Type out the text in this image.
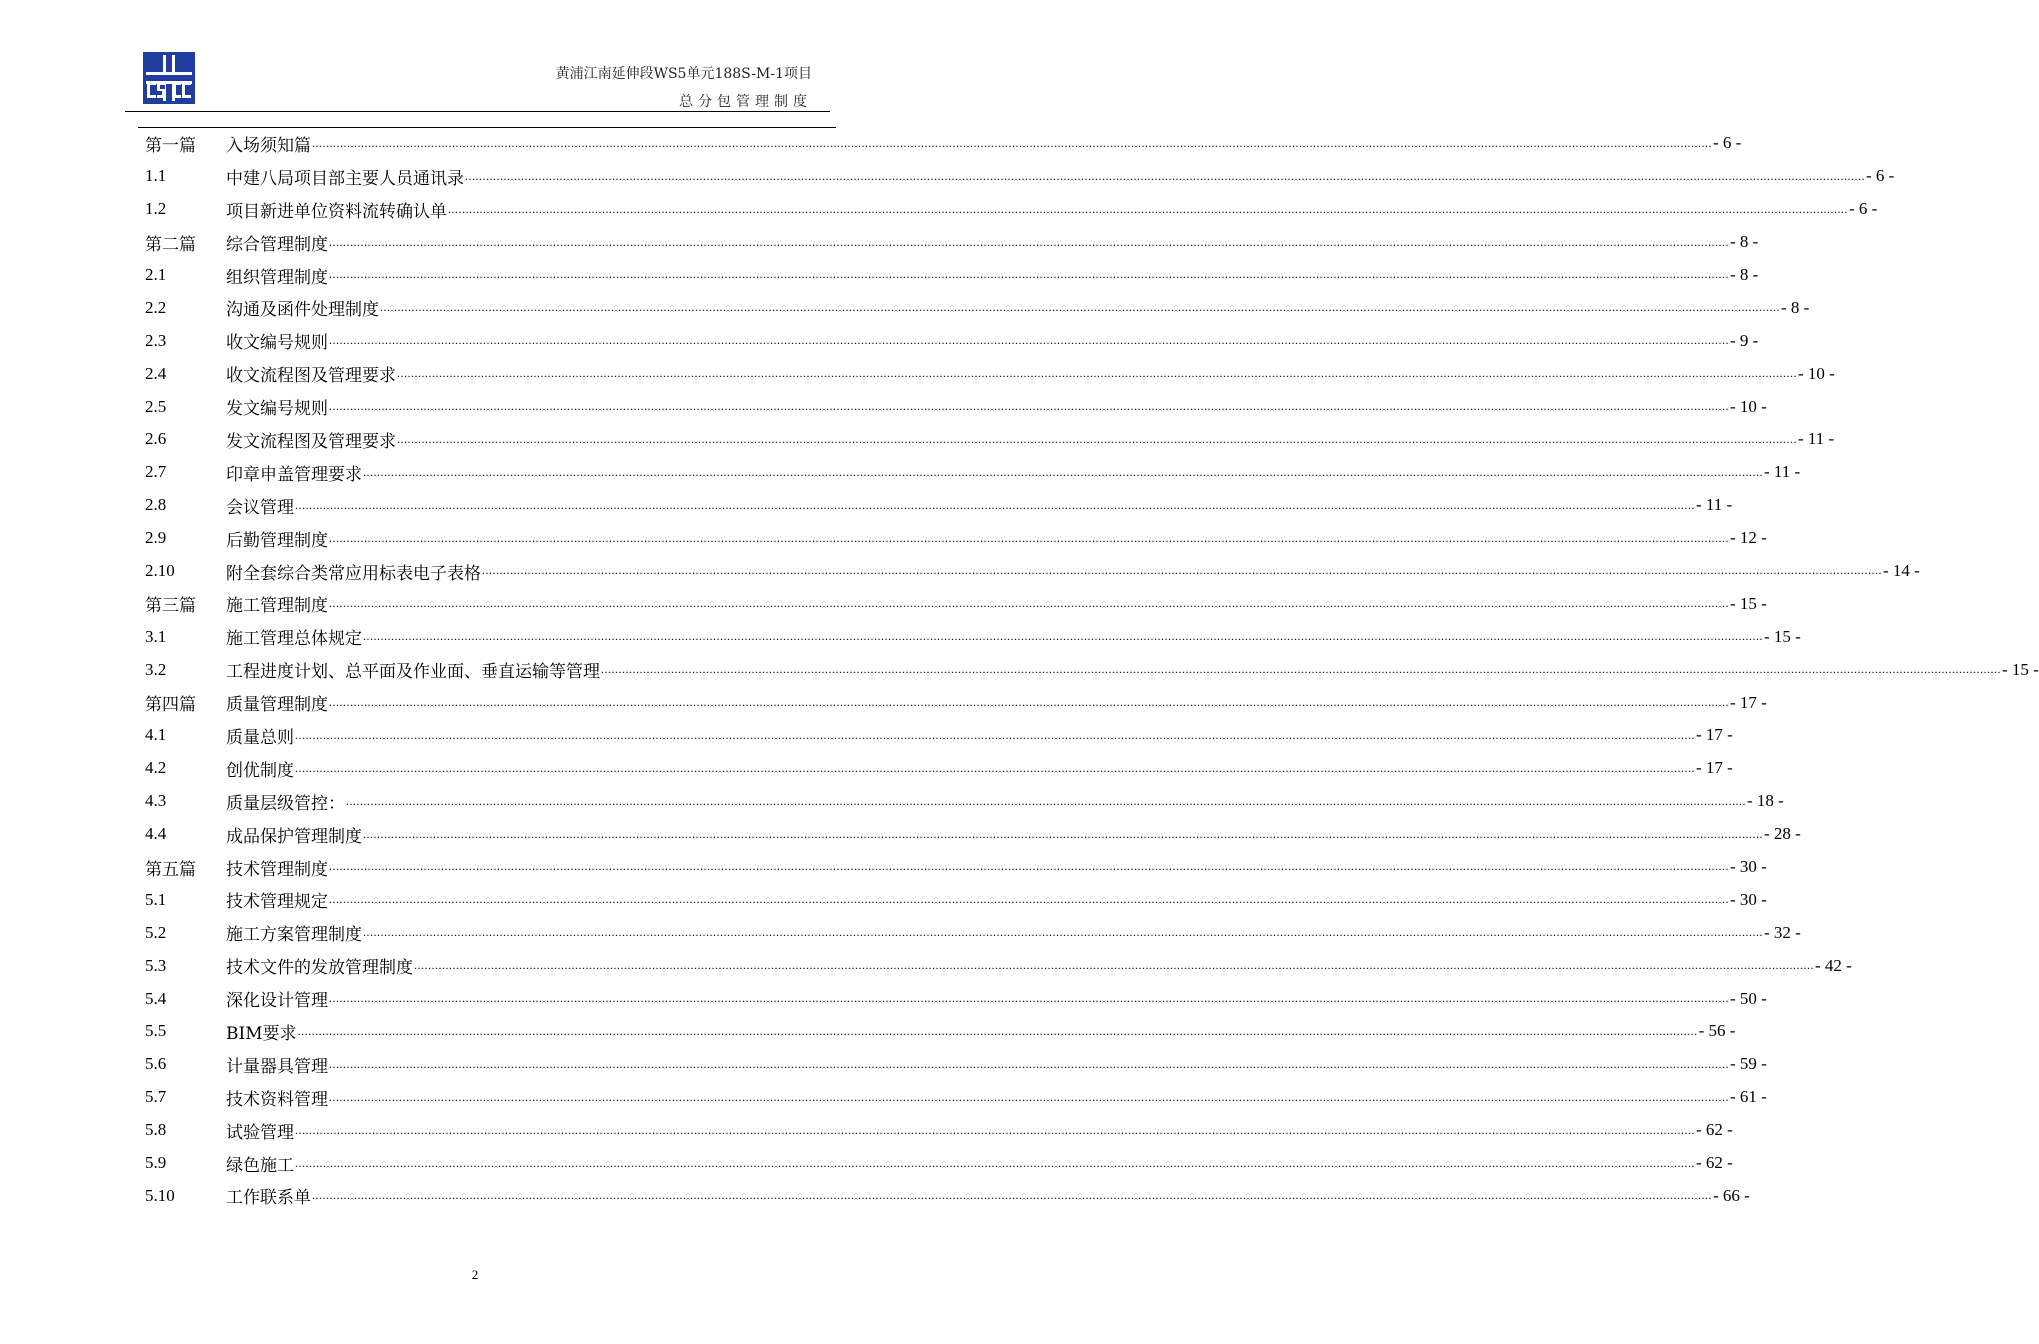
黄浦江南延伸段WS5单元188S-M-1项目
总分包管理制度
第一篇	入场须知篇 ................................................................................................................................................................................................................................................................................................................................................................................................................ - 6 -
1.1	中建八局项目部主要人员通讯录 ................................................................................................................................................................................................................................................................................................................................................................................................................ - 6 -
1.2	项目新进单位资料流转确认单 ................................................................................................................................................................................................................................................................................................................................................................................................................ - 6 -
第二篇	综合管理制度 ................................................................................................................................................................................................................................................................................................................................................................................................................ - 8 -
2.1	组织管理制度 ................................................................................................................................................................................................................................................................................................................................................................................................................ - 8 -
2.2	沟通及函件处理制度 ................................................................................................................................................................................................................................................................................................................................................................................................................ - 8 -
2.3	收文编号规则 ................................................................................................................................................................................................................................................................................................................................................................................................................ - 9 -
2.4	收文流程图及管理要求 ................................................................................................................................................................................................................................................................................................................................................................................................................ - 10 -
2.5	发文编号规则 ................................................................................................................................................................................................................................................................................................................................................................................................................ - 10 -
2.6	发文流程图及管理要求 ................................................................................................................................................................................................................................................................................................................................................................................................................ - 11 -
2.7	印章申盖管理要求 ................................................................................................................................................................................................................................................................................................................................................................................................................ - 11 -
2.8	会议管理 ................................................................................................................................................................................................................................................................................................................................................................................................................ - 11 -
2.9	后勤管理制度 ................................................................................................................................................................................................................................................................................................................................................................................................................ - 12 -
2.10	附全套综合类常应用标表电子表格 ................................................................................................................................................................................................................................................................................................................................................................................................................ - 14 -
第三篇	施工管理制度 ................................................................................................................................................................................................................................................................................................................................................................................................................ - 15 -
3.1	施工管理总体规定 ................................................................................................................................................................................................................................................................................................................................................................................................................ - 15 -
3.2	工程进度计划、总平面及作业面、垂直运输等管理 ................................................................................................................................................................................................................................................................................................................................................................................................................ - 15 -
第四篇	质量管理制度 ................................................................................................................................................................................................................................................................................................................................................................................................................ - 17 -
4.1	质量总则 ................................................................................................................................................................................................................................................................................................................................................................................................................ - 17 -
4.2	创优制度 ................................................................................................................................................................................................................................................................................................................................................................................................................ - 17 -
4.3	质量层级管控： ................................................................................................................................................................................................................................................................................................................................................................................................................ - 18 -
4.4	成品保护管理制度 ................................................................................................................................................................................................................................................................................................................................................................................................................ - 28 -
第五篇	技术管理制度 ................................................................................................................................................................................................................................................................................................................................................................................................................ - 30 -
5.1	技术管理规定 ................................................................................................................................................................................................................................................................................................................................................................................................................ - 30 -
5.2	施工方案管理制度 ................................................................................................................................................................................................................................................................................................................................................................................................................ - 32 -
5.3	技术文件的发放管理制度 ................................................................................................................................................................................................................................................................................................................................................................................................................ - 42 -
5.4	深化设计管理 ................................................................................................................................................................................................................................................................................................................................................................................................................ - 50 -
5.5	BIM要求 ................................................................................................................................................................................................................................................................................................................................................................................................................ - 56 -
5.6	计量器具管理 ................................................................................................................................................................................................................................................................................................................................................................................................................ - 59 -
5.7	技术资料管理 ................................................................................................................................................................................................................................................................................................................................................................................................................ - 61 -
5.8	试验管理 ................................................................................................................................................................................................................................................................................................................................................................................................................ - 62 -
5.9	绿色施工 ................................................................................................................................................................................................................................................................................................................................................................................................................ - 62 -
5.10	工作联系单 ................................................................................................................................................................................................................................................................................................................................................................................................................ - 66 -
2
